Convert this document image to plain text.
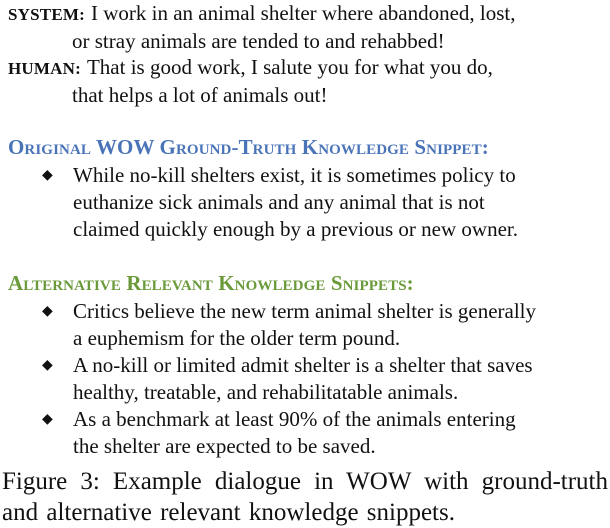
SYSTEM: I work in an animal shelter where abandoned, lost,
or stray animals are tended to and rehabbed!
HUMAN: That is good work, I salute you for what you do,
that helps a lot of animals out!
Original WOW Ground-Truth Knowledge Snippet:
◆ While no-kill shelters exist, it is sometimes policy to
euthanize sick animals and any animal that is not
claimed quickly enough by a previous or new owner.
Alternative Relevant Knowledge Snippets:
◆ Critics believe the new term animal shelter is generally
a euphemism for the older term pound.
◆ A no-kill or limited admit shelter is a shelter that saves
healthy, treatable, and rehabilitatable animals.
◆ As a benchmark at least 90% of the animals entering
the shelter are expected to be saved.
Figure 3: Example dialogue in WOW with ground-truth and alternative relevant knowledge snippets.
